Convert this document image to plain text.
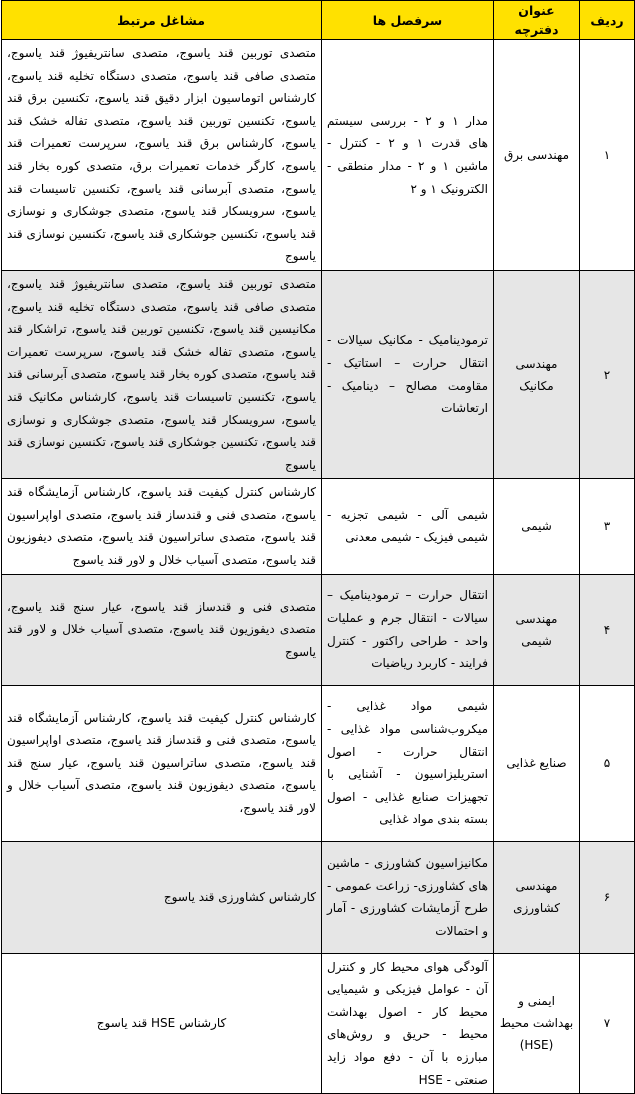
ردیف	عنوان دفترچه	سرفصل ها	مشاغل مرتبط
۱	مهندسی برق	مدار ۱ و ۲ - بررسی سیستم های قدرت ۱ و ۲ - کنترل - ماشین ۱ و ۲ - مدار منطقی - الکترونیک ۱ و ۲	متصدی توربین قند یاسوج، متصدی سانتریفیوژ قند یاسوج، متصدی صافی قند یاسوج، متصدی دستگاه تخلیه قند یاسوج، کارشناس اتوماسیون ابزار دقیق قند یاسوج، تکنسین برق قند یاسوج، تکنسین توربین قند یاسوج، متصدی تفاله خشک قند یاسوج، کارشناس برق قند یاسوج، سرپرست تعمیرات قند یاسوج، کارگر خدمات تعمیرات برق، متصدی کوره بخار قند یاسوج، متصدی آبرسانی قند یاسوج، تکنسین تاسیسات قند یاسوج، سرویسکار قند یاسوج، متصدی جوشکاری و نوسازی قند یاسوج، تکنسین جوشکاری قند یاسوج، تکنسین نوسازی قند یاسوج
۲	مهندسی مکانیک	ترمودینامیک - مکانیک سیالات - انتقال حرارت – استاتیک - مقاومت مصالح – دینامیک - ارتعاشات	متصدی توربین قند یاسوج، متصدی سانتریفیوژ قند یاسوج، متصدی صافی قند یاسوج، متصدی دستگاه تخلیه قند یاسوج، مکانیسین قند یاسوج، تکنسین توربین قند یاسوج، تراشکار قند یاسوج، متصدی تفاله خشک قند یاسوج، سرپرست تعمیرات قند یاسوج، متصدی کوره بخار قند یاسوج، متصدی آبرسانی قند یاسوج، تکنسین تاسیسات قند یاسوج، کارشناس مکانیک قند یاسوج، سرویسکار قند یاسوج، متصدی جوشکاری و نوسازی قند یاسوج، تکنسین جوشکاری قند یاسوج، تکنسین نوسازی قند یاسوج
۳	شیمی	شیمی آلی - شیمی تجزیه - شیمی فیزیک - شیمی معدنی	کارشناس کنترل کیفیت قند یاسوج، کارشناس آزمایشگاه قند یاسوج، متصدی فنی و قندساز قند یاسوج، متصدی اواپراسیون قند یاسوج، متصدی ساتراسیون قند یاسوج، متصدی دیفوزیون قند یاسوج، متصدی آسیاب خلال و لاور قند یاسوج
۴	مهندسی شیمی	انتقال حرارت – ترمودینامیک – سیالات - انتقال جرم و عملیات واحد - طراحی راکتور - کنترل فرایند - کاربرد ریاضیات	متصدی فنی و قندساز قند یاسوج، عیار سنج قند یاسوج، متصدی دیفوزیون قند یاسوج، متصدی آسیاب خلال و لاور قند یاسوج
۵	صنایع غذایی	شیمی مواد غذایی - میکروب‌شناسی مواد غذایی - انتقال حرارت - اصول استریلیزاسیون - آشنایی با تجهیزات صنایع غذایی - اصول بسته بندی مواد غذایی	کارشناس کنترل کیفیت قند یاسوج، کارشناس آزمایشگاه قند یاسوج، متصدی فنی و قندساز قند یاسوج، متصدی اواپراسیون قند یاسوج، متصدی ساتراسیون قند یاسوج، عیار سنج قند یاسوج، متصدی دیفوزیون قند یاسوج، متصدی آسیاب خلال و لاور قند یاسوج،
۶	مهندسی کشاورزی	مکانیزاسیون کشاورزی - ماشین های کشاورزی- زراعت عمومی - طرح آزمایشات کشاورزی - آمار و احتمالات	کارشناس کشاورزی قند یاسوج
۷	ایمنی و بهداشت محیط (HSE)	آلودگی هوای محیط کار و کنترل آن - عوامل فیزیکی و شیمیایی محیط کار - اصول بهداشت محیط - حریق و روش‌های مبارزه با آن - دفع مواد زاید صنعتی - HSE	کارشناس HSE قند یاسوج
